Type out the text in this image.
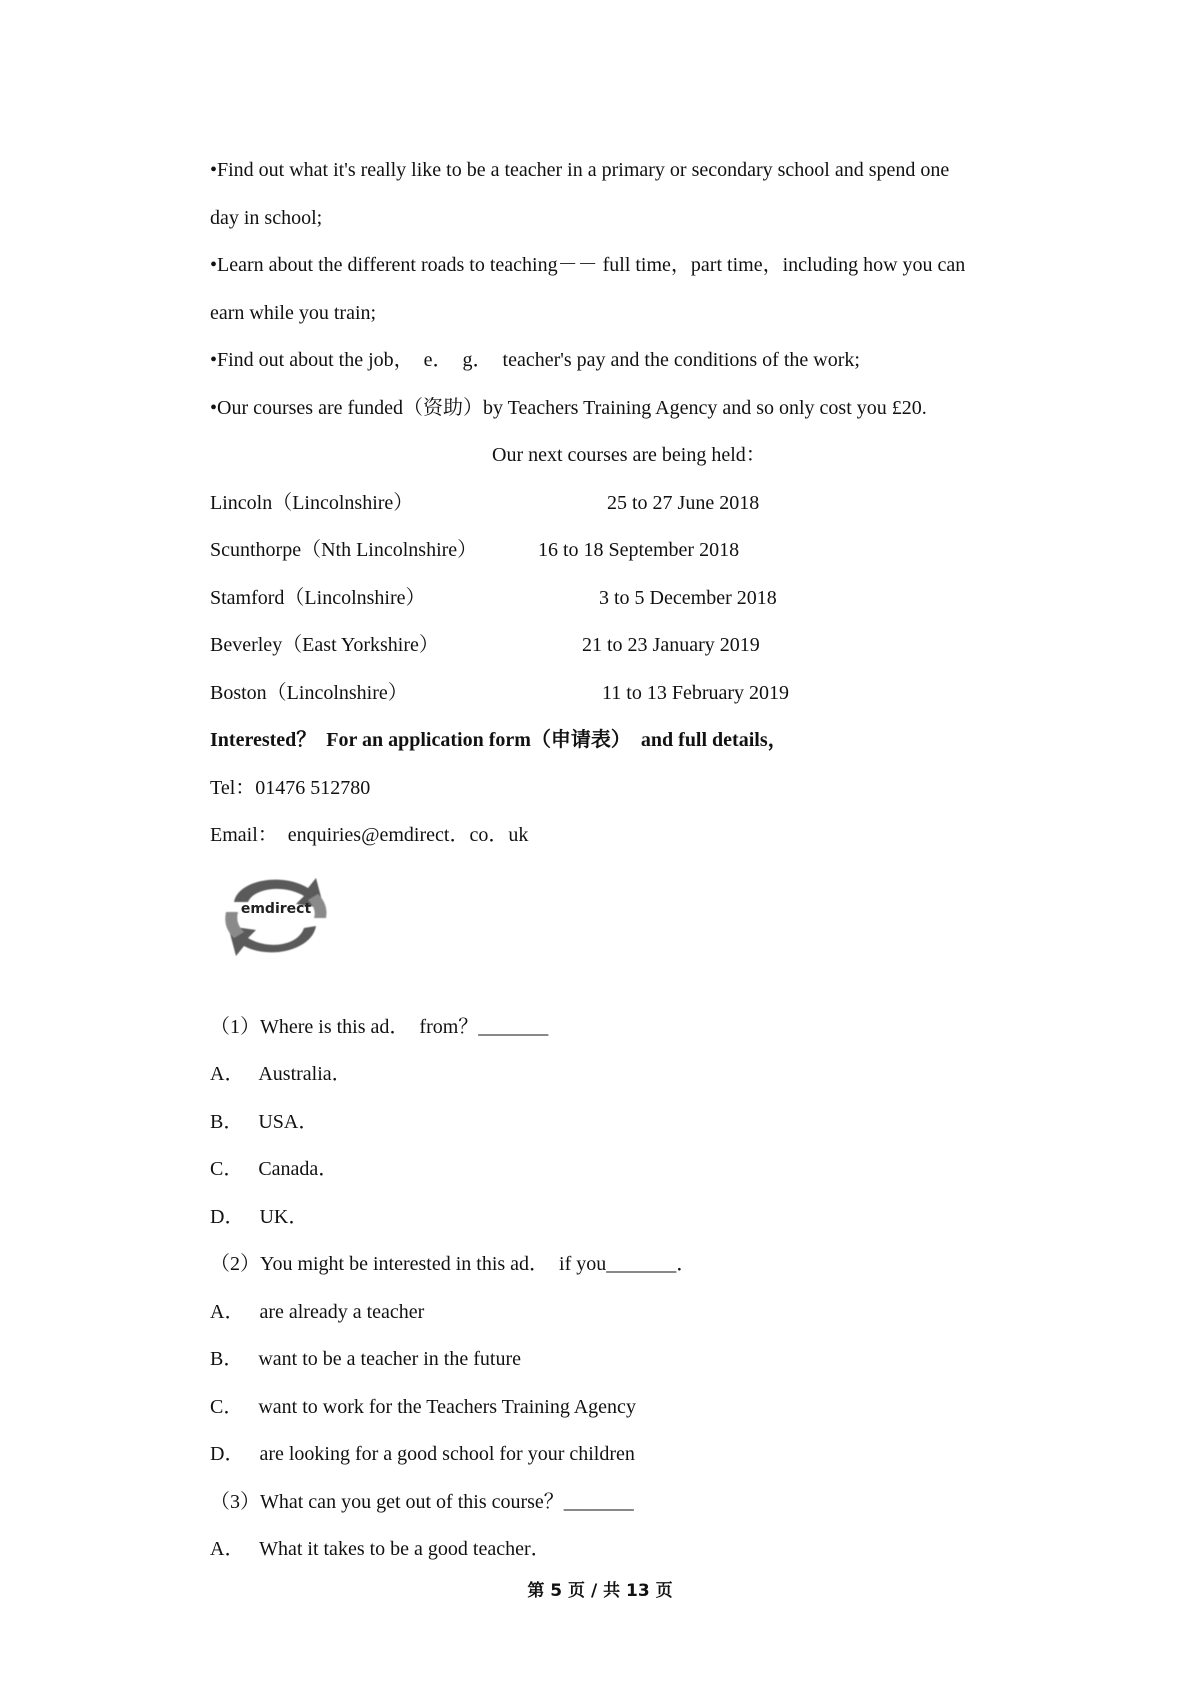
•Find out what it's really like to be a teacher in a primary or secondary school and spend one
day in school;
•Learn about the different roads to teaching－－ full time，part time，including how you can
earn while you train;
•Find out about the job，  e．  g．  teacher's pay and the conditions of the work;
•Our courses are funded（资助）by Teachers Training Agency and so only cost you £20.
Our next courses are being held：
Lincoln（Lincolnshire）	25 to 27 June 2018
Scunthorpe（Nth Lincolnshire）	16 to 18 September 2018
Stamford（Lincolnshire）	3 to 5 December 2018
Beverley（East Yorkshire）	21 to 23 January 2019
Boston（Lincolnshire）	11 to 13 February 2019
Interested？  For an application form（申请表）  and full details，
Tel：01476 512780
Email：  enquiries@emdirect．co．uk
emdirect
（1）Where is this ad．  from？_______
A．   Australia．
B．   USA．
C．   Canada．
D．   UK．
（2）You might be interested in this ad．  if you_______．
A．   are already a teacher
B．   want to be a teacher in the future
C．   want to work for the Teachers Training Agency
D．   are looking for a good school for your children
（3）What can you get out of this course？_______
A．   What it takes to be a good teacher．
第 5 页 / 共 13 页
